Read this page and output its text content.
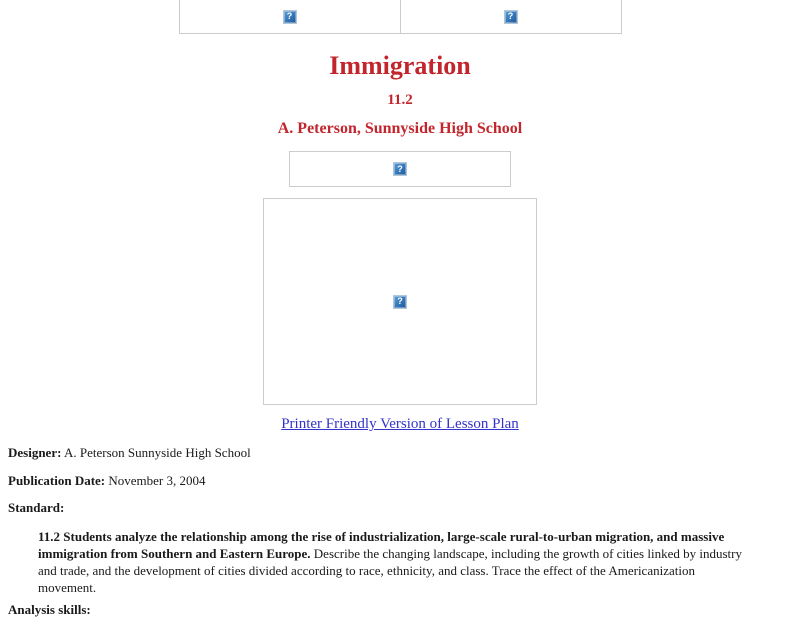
?	?
Immigration

11.2

A. Peterson, Sunnyside High School

?
?

Printer Friendly Version of Lesson Plan

Designer: A. Peterson Sunnyside High School

Publication Date: November 3, 2004

Standard:

11.2 Students analyze the relationship among the rise of industrialization, large-scale rural-to-urban migration, and massive immigration from Southern and Eastern Europe. Describe the changing landscape, including the growth of cities linked by industry and trade, and the development of cities divided according to race, ethnicity, and class. Trace the effect of the Americanization movement.

Analysis skills:
